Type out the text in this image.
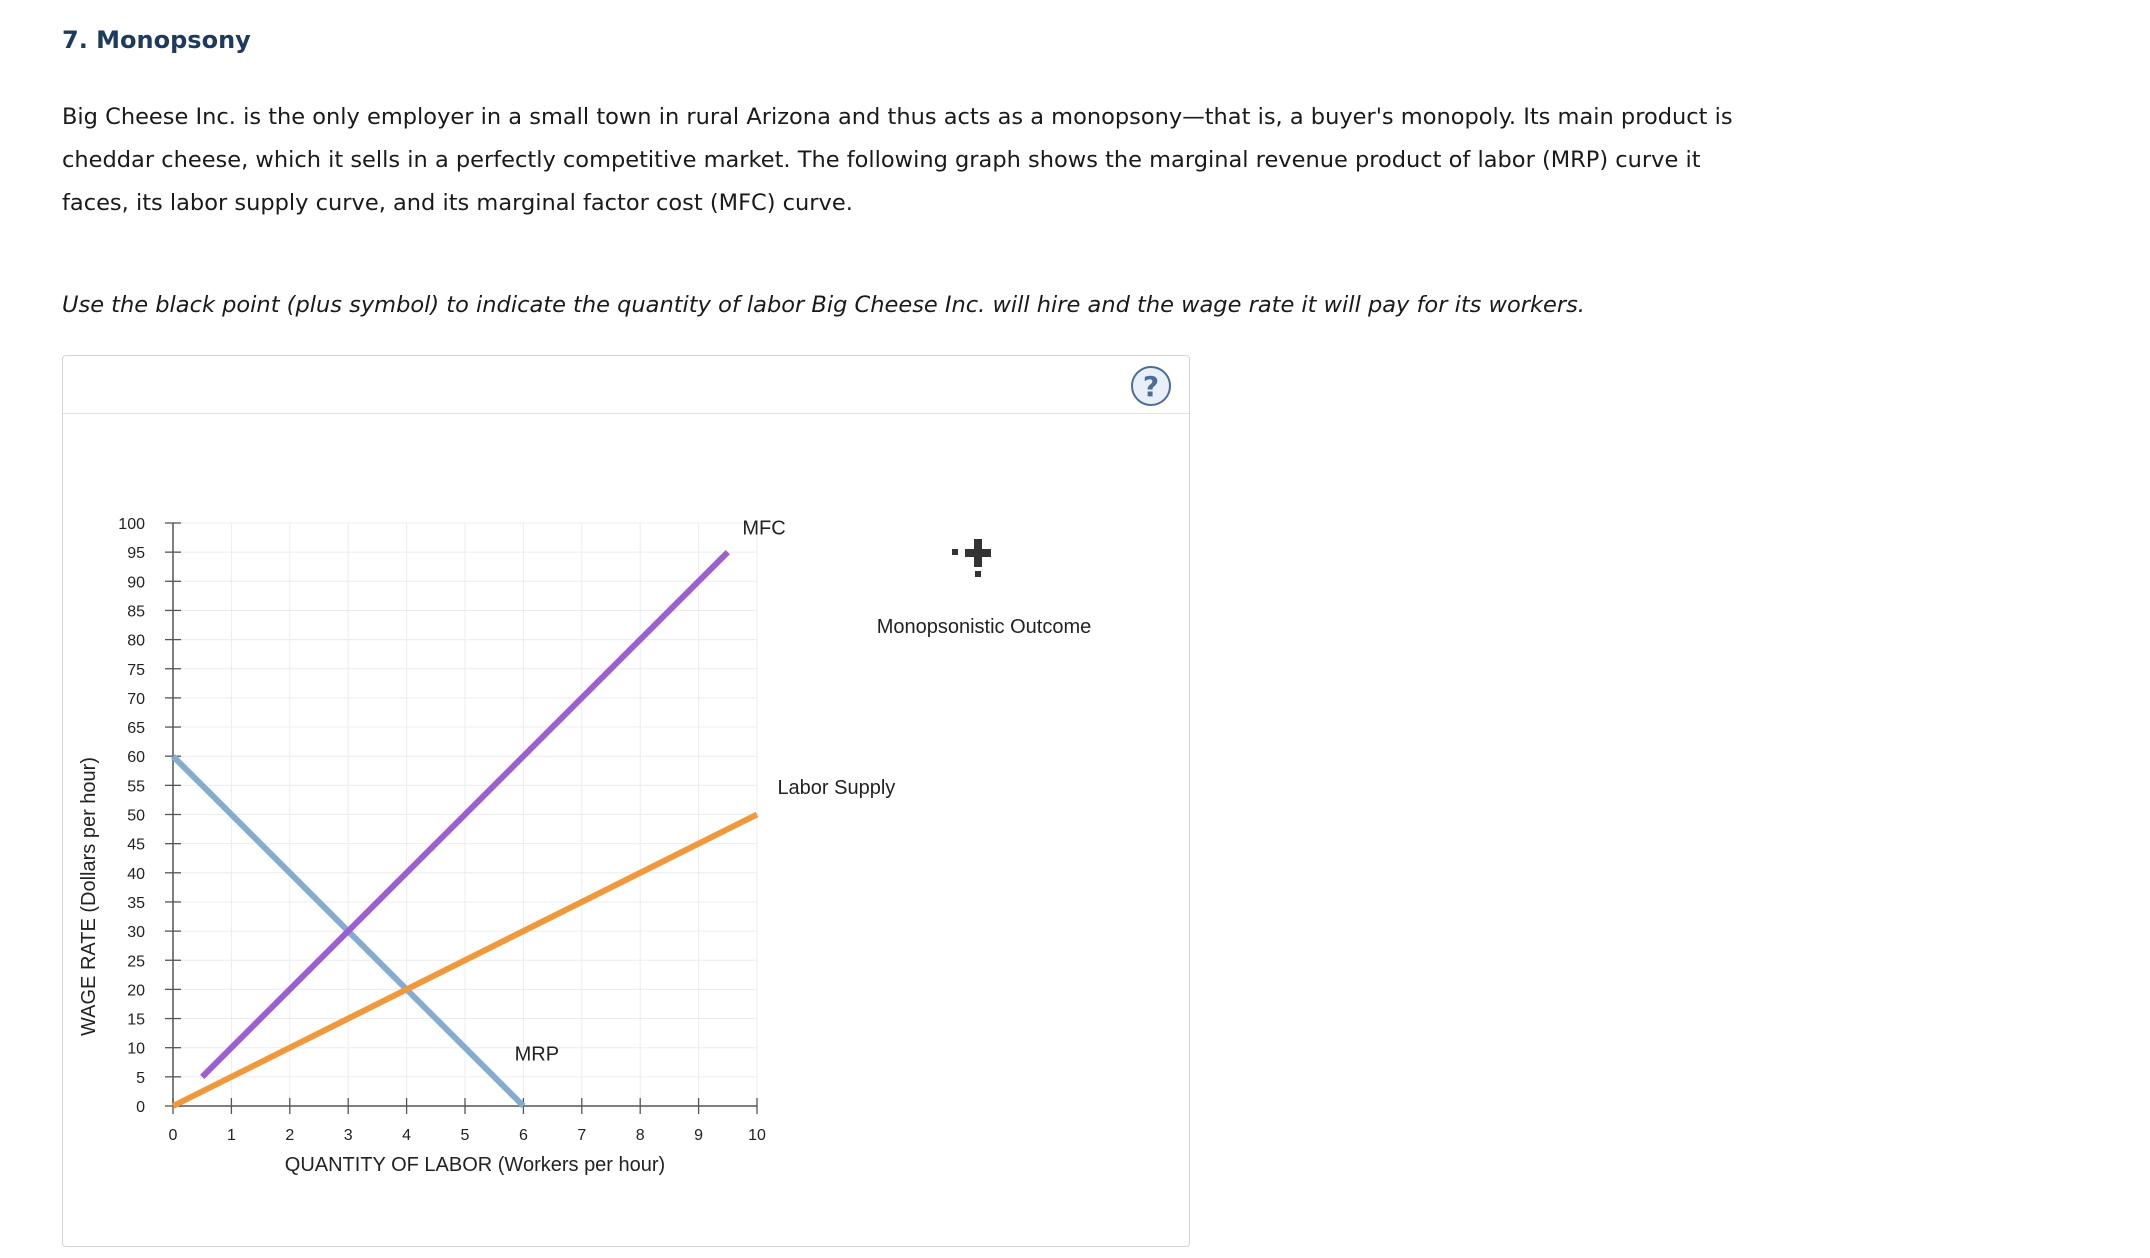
7. Monopsony

Big Cheese Inc. is the only employer in a small town in rural Arizona and thus acts as a monopsony—that is, a buyer's monopoly. Its main product is cheddar cheese, which it sells in a perfectly competitive market. The following graph shows the marginal revenue product of labor (MRP) curve it faces, its labor supply curve, and its marginal factor cost (MFC) curve.

Use the black point (plus symbol) to indicate the quantity of labor Big Cheese Inc. will hire and the wage rate it will pay for its workers.

?
0
5
10
15
20
25
30
35
40
45
50
55
60
65
70
75
80
85
90
95
100
0	1	2	3	4	5	6	7	8	9	10
QUANTITY OF LABOR (Workers per hour)
WAGE RATE (Dollars per hour)
MFC
Labor Supply
MRP
Monopsonistic Outcome
